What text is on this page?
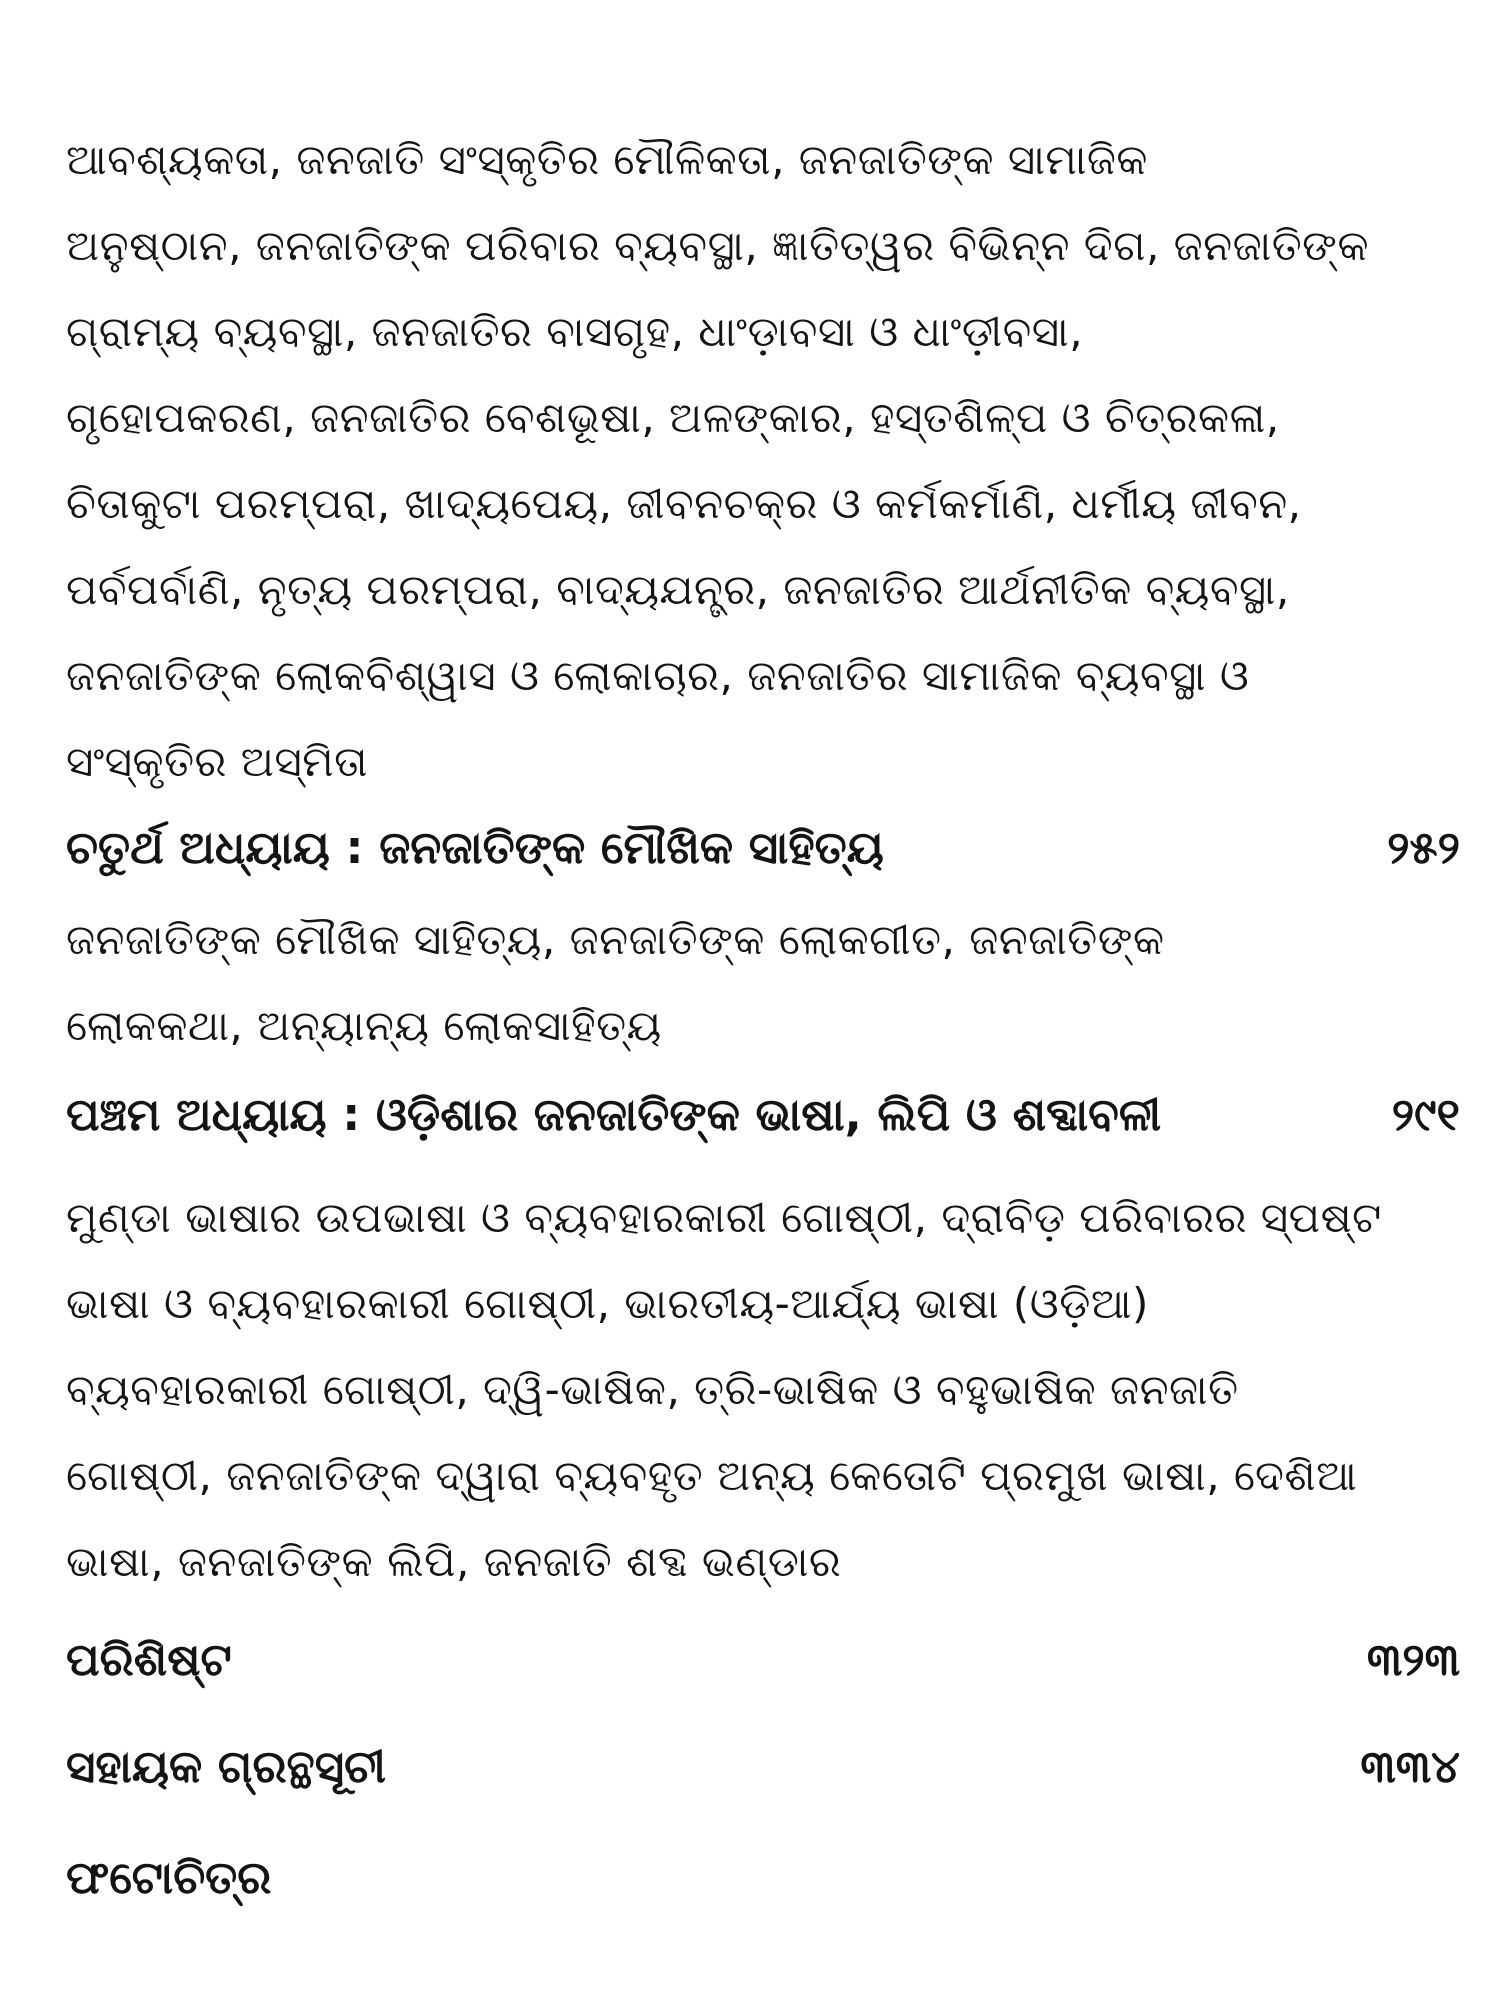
ଆବଶ୍ୟକତା, ଜନଜାତି ସଂସ୍କୃତିର ମୌଳିକତା, ଜନଜାତିଙ୍କ ସାମାଜିକ
ଅନୁଷ୍ଠାନ, ଜନଜାତିଙ୍କ ପରିବାର ବ୍ୟବସ୍ଥା, ଜ୍ଞାତିତ୍ୱର ବିଭିନ୍ନ ଦିଗ, ଜନଜାତିଙ୍କ
ଗ୍ରାମ୍ୟ ବ୍ୟବସ୍ଥା, ଜନଜାତିର ବାସଗୃହ, ଧାଂଡ଼ାବସା ଓ ଧାଂଡ଼ୀବସା,
ଗୃହୋପକରଣ, ଜନଜାତିର ବେଶଭୂଷା, ଅଳଙ୍କାର, ହସ୍ତଶିଳ୍ପ ଓ ଚିତ୍ରକଳା,
ଚିତାକୁଟା ପରମ୍ପରା, ଖାଦ୍ୟପେୟ, ଜୀବନଚକ୍ର ଓ କର୍ମକର୍ମାଣି, ଧର୍ମୀୟ ଜୀବନ,
ପର୍ବପର୍ବାଣି, ନୃତ୍ୟ ପରମ୍ପରା, ବାଦ୍ୟଯନ୍ତ୍ର, ଜନଜାତିର ଆର୍ଥନୀତିକ ବ୍ୟବସ୍ଥା,
ଜନଜାତିଙ୍କ ଲୋକବିଶ୍ୱାସ ଓ ଲୋକାଚାର, ଜନଜାତିର ସାମାଜିକ ବ୍ୟବସ୍ଥା ଓ
ସଂସ୍କୃତିର ଅସ୍ମିତା
ଚତୁର୍ଥ ଅଧ୍ୟାୟ : ଜନଜାତିଙ୍କ ମୌଖିକ ସାହିତ୍ୟ	୨୫୨
ଜନଜାତିଙ୍କ ମୌଖିକ ସାହିତ୍ୟ, ଜନଜାତିଙ୍କ ଲୋକଗୀତ, ଜନଜାତିଙ୍କ
ଲୋକକଥା, ଅନ୍ୟାନ୍ୟ ଲୋକସାହିତ୍ୟ
ପଞ୍ଚମ ଅଧ୍ୟାୟ : ଓଡ଼ିଶାର ଜନଜାତିଙ୍କ ଭାଷା, ଲିପି ଓ ଶବ୍ଦାବଳୀ	୨୯୧
ମୁଣ୍ଡା ଭାଷାର ଉପଭାଷା ଓ ବ୍ୟବହାରକାରୀ ଗୋଷ୍ଠୀ, ଦ୍ରାବିଡ଼ ପରିବାରର ସ୍ପଷ୍ଟ
ଭାଷା ଓ ବ୍ୟବହାରକାରୀ ଗୋଷ୍ଠୀ, ଭାରତୀୟ-ଆର୍ଯ୍ୟ ଭାଷା (ଓଡ଼ିଆ)
ବ୍ୟବହାରକାରୀ ଗୋଷ୍ଠୀ, ଦ୍ୱି-ଭାଷିକ, ତ୍ରି-ଭାଷିକ ଓ ବହୁଭାଷିକ ଜନଜାତି
ଗୋଷ୍ଠୀ, ଜନଜାତିଙ୍କ ଦ୍ୱାରା ବ୍ୟବହୃତ ଅନ୍ୟ କେତୋଟି ପ୍ରମୁଖ ଭାଷା, ଦେଶିଆ
ଭାଷା, ଜନଜାତିଙ୍କ ଲିପି, ଜନଜାତି ଶବ୍ଦ ଭଣ୍ଡାର
ପରିଶିଷ୍ଟ	୩୨୩
ସହାୟକ ଗ୍ରନ୍ଥସୂଚୀ	୩୩୪
ଫଟୋଚିତ୍ର
